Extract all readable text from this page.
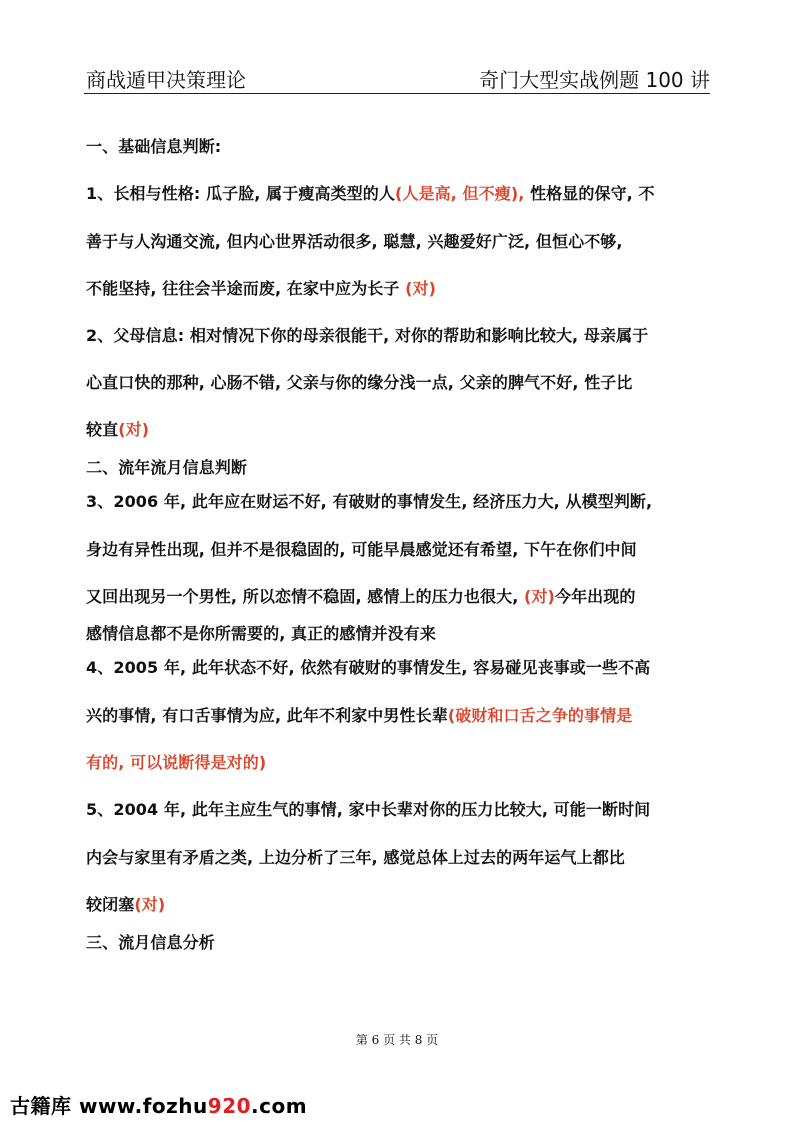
商战遁甲决策理论	奇门大型实战例题 100 讲
一、基础信息判断:
1、长相与性格: 瓜子脸, 属于瘦高类型的人(人是高, 但不瘦), 性格显的保守, 不
善于与人沟通交流, 但内心世界活动很多, 聪慧, 兴趣爱好广泛, 但恒心不够,
不能坚持, 往往会半途而废, 在家中应为长子 (对)
2、父母信息: 相对情况下你的母亲很能干, 对你的帮助和影响比较大, 母亲属于
心直口快的那种, 心肠不错, 父亲与你的缘分浅一点, 父亲的脾气不好, 性子比
较直(对)
二、流年流月信息判断
3、2006 年, 此年应在财运不好, 有破财的事情发生, 经济压力大, 从模型判断,
身边有异性出现, 但并不是很稳固的, 可能早晨感觉还有希望, 下午在你们中间
又回出现另一个男性, 所以恋情不稳固, 感情上的压力也很大, (对)今年出现的
感情信息都不是你所需要的, 真正的感情并没有来
4、2005 年, 此年状态不好, 依然有破财的事情发生, 容易碰见丧事或一些不高
兴的事情, 有口舌事情为应, 此年不利家中男性长辈(破财和口舌之争的事情是
有的, 可以说断得是对的)
5、2004 年, 此年主应生气的事情, 家中长辈对你的压力比较大, 可能一断时间
内会与家里有矛盾之类, 上边分析了三年, 感觉总体上过去的两年运气上都比
较闭塞(对)
三、流月信息分析
第 6 页 共 8 页
古籍库 www.fozhu920.com
